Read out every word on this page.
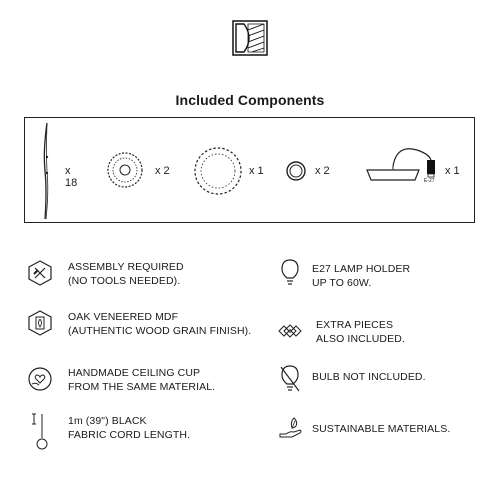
Included Components
x 18
x 2	x 1	x 2
E-27
x 1
ASSEMBLY REQUIRED
(NO TOOLS NEEDED).
OAK VENEERED MDF
(AUTHENTIC WOOD GRAIN FINISH).
HANDMADE CEILING CUP
FROM THE SAME MATERIAL.
1m (39") BLACK
FABRIC CORD LENGTH.
E27 LAMP HOLDER
UP TO 60W.
EXTRA PIECES
ALSO INCLUDED.
BULB NOT INCLUDED.
SUSTAINABLE MATERIALS.
